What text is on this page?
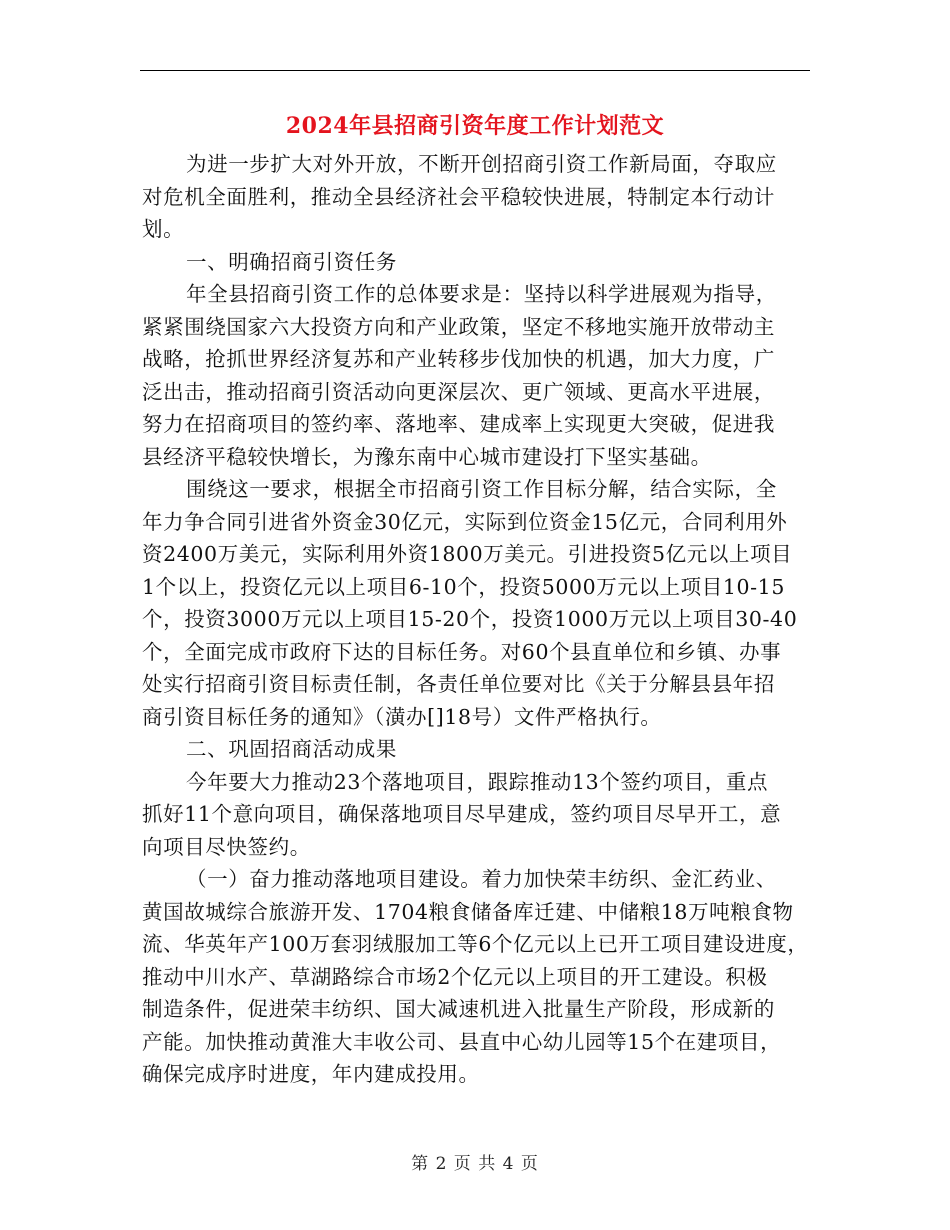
2024年县招商引资年度工作计划范文
为进一步扩大对外开放，不断开创招商引资工作新局面，夺取应
对危机全面胜利，推动全县经济社会平稳较快进展，特制定本行动计
划。
一、明确招商引资任务
年全县招商引资工作的总体要求是：坚持以科学进展观为指导，
紧紧围绕国家六大投资方向和产业政策，坚定不移地实施开放带动主
战略，抢抓世界经济复苏和产业转移步伐加快的机遇，加大力度，广
泛出击，推动招商引资活动向更深层次、更广领域、更高水平进展，
努力在招商项目的签约率、落地率、建成率上实现更大突破，促进我
县经济平稳较快增长，为豫东南中心城市建设打下坚实基础。
围绕这一要求，根据全市招商引资工作目标分解，结合实际，全
年力争合同引进省外资金30亿元，实际到位资金15亿元，合同利用外
资2400万美元，实际利用外资1800万美元。引进投资5亿元以上项目
1个以上，投资亿元以上项目6-10个，投资5000万元以上项目10-15
个，投资3000万元以上项目15-20个，投资1000万元以上项目30-40
个，全面完成市政府下达的目标任务。对60个县直单位和乡镇、办事
处实行招商引资目标责任制，各责任单位要对比《关于分解县县年招
商引资目标任务的通知》（潢办[]18号）文件严格执行。
二、巩固招商活动成果
今年要大力推动23个落地项目，跟踪推动13个签约项目，重点
抓好11个意向项目，确保落地项目尽早建成，签约项目尽早开工，意
向项目尽快签约。
（一）奋力推动落地项目建设。着力加快荣丰纺织、金汇药业、
黄国故城综合旅游开发、1704粮食储备库迁建、中储粮18万吨粮食物
流、华英年产100万套羽绒服加工等6个亿元以上已开工项目建设进度，
推动中川水产、草湖路综合市场2个亿元以上项目的开工建设。积极
制造条件，促进荣丰纺织、国大减速机进入批量生产阶段，形成新的
产能。加快推动黄淮大丰收公司、县直中心幼儿园等15个在建项目，
确保完成序时进度，年内建成投用。
第 2 页 共 4 页
